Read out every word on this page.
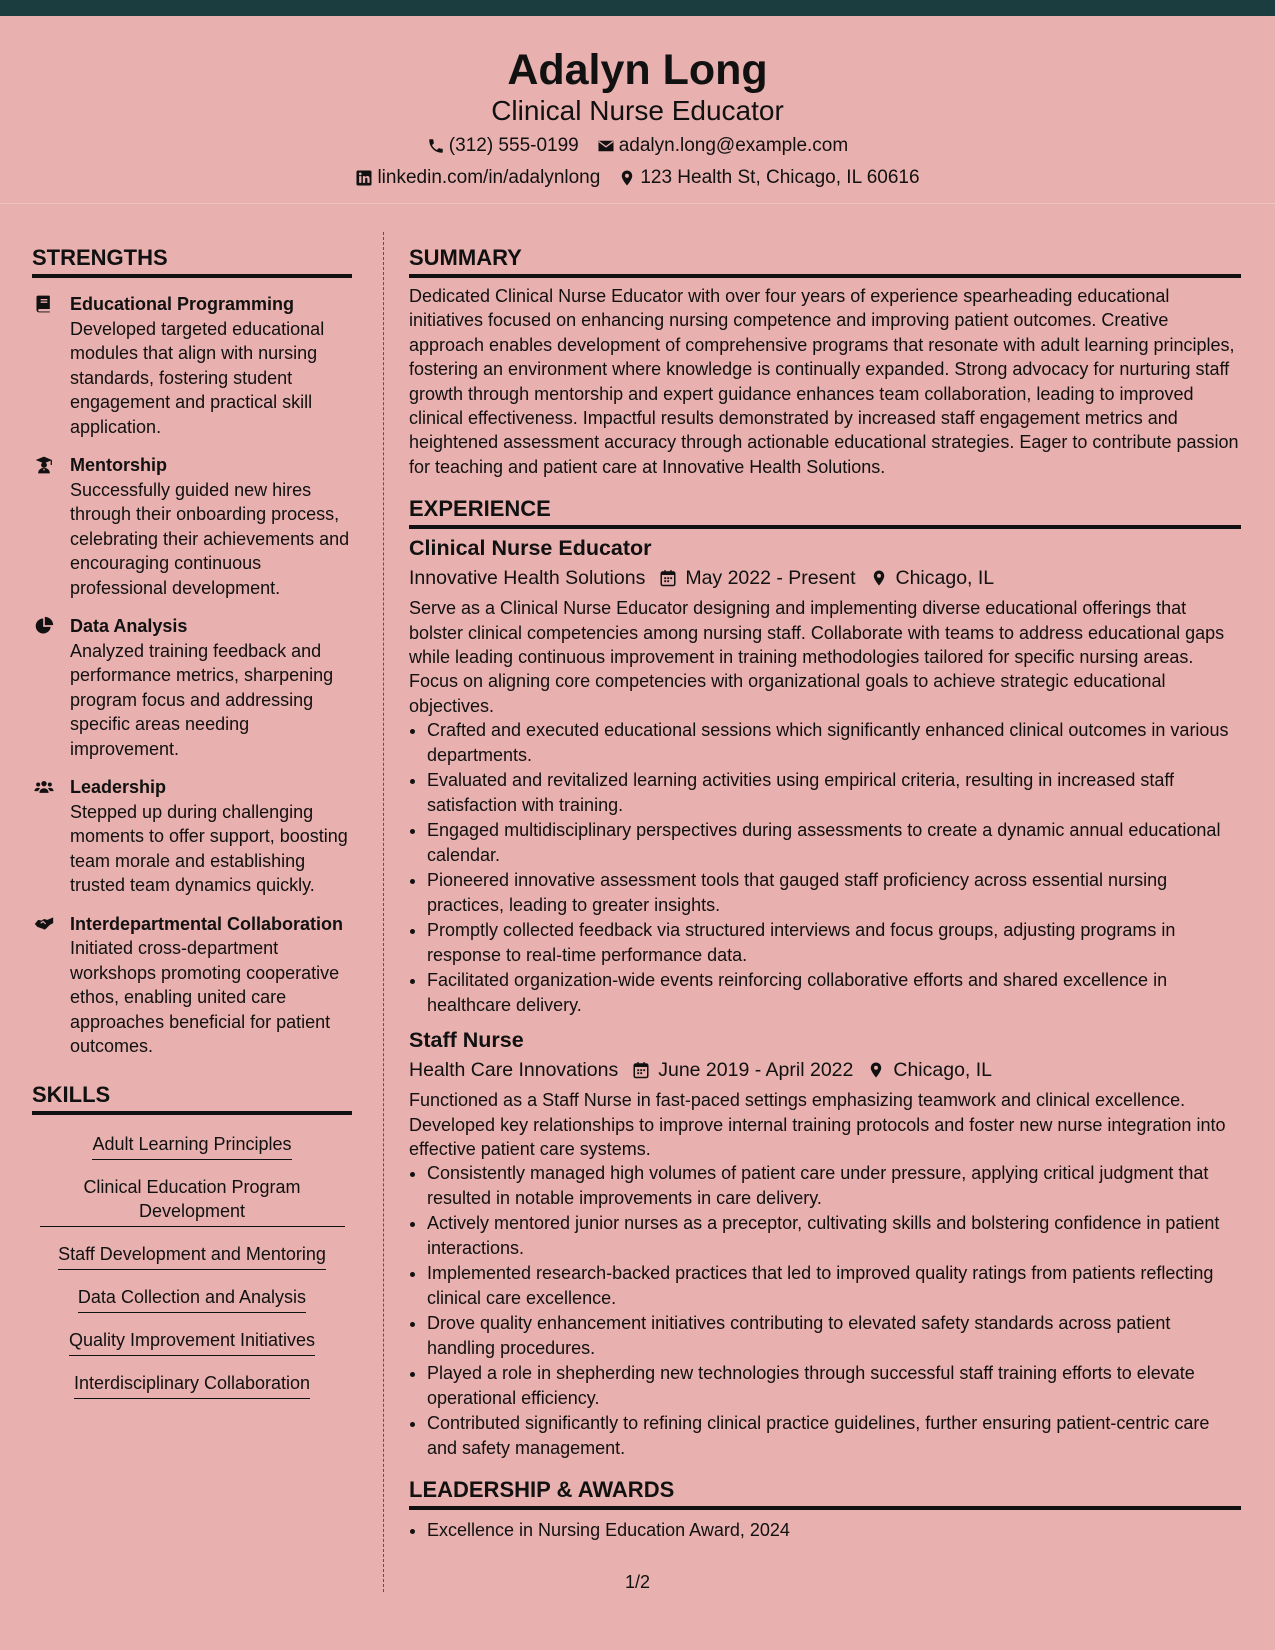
Adalyn Long
Clinical Nurse Educator
(312) 555-0199 adalyn.long@example.com
linkedin.com/in/adalynlong 123 Health St, Chicago, IL 60616
STRENGTHS
Educational Programming
Developed targeted educational modules that align with nursing standards, fostering student engagement and practical skill application.
Mentorship
Successfully guided new hires through their onboarding process, celebrating their achievements and encouraging continuous professional development.
Data Analysis
Analyzed training feedback and performance metrics, sharpening program focus and addressing specific areas needing improvement.
Leadership
Stepped up during challenging moments to offer support, boosting team morale and establishing trusted team dynamics quickly.
Interdepartmental Collaboration
Initiated cross-department workshops promoting cooperative ethos, enabling united care approaches beneficial for patient outcomes.
SKILLS
Adult Learning Principles
Clinical Education Program Development
Staff Development and Mentoring
Data Collection and Analysis
Quality Improvement Initiatives
Interdisciplinary Collaboration
SUMMARY
Dedicated Clinical Nurse Educator with over four years of experience spearheading educational initiatives focused on enhancing nursing competence and improving patient outcomes. Creative approach enables development of comprehensive programs that resonate with adult learning principles, fostering an environment where knowledge is continually expanded. Strong advocacy for nurturing staff growth through mentorship and expert guidance enhances team collaboration, leading to improved clinical effectiveness. Impactful results demonstrated by increased staff engagement metrics and heightened assessment accuracy through actionable educational strategies. Eager to contribute passion for teaching and patient care at Innovative Health Solutions.
EXPERIENCE
Clinical Nurse Educator
Innovative Health Solutions May 2022 - Present Chicago, IL
Serve as a Clinical Nurse Educator designing and implementing diverse educational offerings that bolster clinical competencies among nursing staff. Collaborate with teams to address educational gaps while leading continuous improvement in training methodologies tailored for specific nursing areas. Focus on aligning core competencies with organizational goals to achieve strategic educational objectives.
• Crafted and executed educational sessions which significantly enhanced clinical outcomes in various departments.
• Evaluated and revitalized learning activities using empirical criteria, resulting in increased staff satisfaction with training.
• Engaged multidisciplinary perspectives during assessments to create a dynamic annual educational calendar.
• Pioneered innovative assessment tools that gauged staff proficiency across essential nursing practices, leading to greater insights.
• Promptly collected feedback via structured interviews and focus groups, adjusting programs in response to real-time performance data.
• Facilitated organization-wide events reinforcing collaborative efforts and shared excellence in healthcare delivery.
Staff Nurse
Health Care Innovations June 2019 - April 2022 Chicago, IL
Functioned as a Staff Nurse in fast-paced settings emphasizing teamwork and clinical excellence. Developed key relationships to improve internal training protocols and foster new nurse integration into effective patient care systems.
• Consistently managed high volumes of patient care under pressure, applying critical judgment that resulted in notable improvements in care delivery.
• Actively mentored junior nurses as a preceptor, cultivating skills and bolstering confidence in patient interactions.
• Implemented research-backed practices that led to improved quality ratings from patients reflecting clinical care excellence.
• Drove quality enhancement initiatives contributing to elevated safety standards across patient handling procedures.
• Played a role in shepherding new technologies through successful staff training efforts to elevate operational efficiency.
• Contributed significantly to refining clinical practice guidelines, further ensuring patient-centric care and safety management.
LEADERSHIP & AWARDS
• Excellence in Nursing Education Award, 2024
1/2
